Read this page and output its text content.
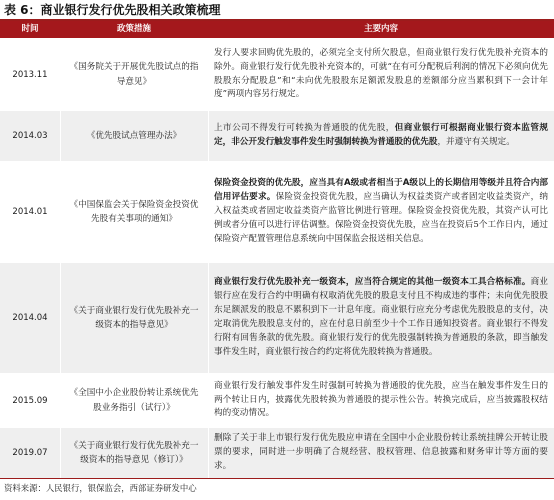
表 6：商业银行发行优先股相关政策梳理
时间	政策措施	主要内容
2013.11
《国务院关于开展优先股试点的指导意见》

发行人要求回购优先股的，必须完全支付所欠股息，但商业银行发行优先股补充资本的除外。商业银行发行优先股补充资本的，可就“在有可分配税后利润的情况下必须向优先股股东分配股息”和“未向优先股股东足额派发股息的差额部分应当累积到下一会计年度”两项内容另行规定。

2014.03	《优先股试点管理办法》

上市公司不得发行可转换为普通股的优先股，但商业银行可根据商业银行资本监管规定，非公开发行触发事件发生时强制转换为普通股的优先股，并遵守有关规定。

2014.01
《中国保监会关于保险资金投资优先股有关事项的通知》

保险资金投资的优先股，应当具有A级或者相当于A级以上的长期信用等级并且符合内部信用评估要求。保险资金投资优先股，应当确认为权益类资产或者固定收益类资产，纳入权益类或者固定收益类资产监管比例进行管理。保险资金投资优先股，其资产认可比例或者分值可以进行评估调整。保险资金投资优先股，应当在投资后5个工作日内，通过保险资产配置管理信息系统向中国保监会报送相关信息。

2014.04
《关于商业银行发行优先股补充一级资本的指导意见》

商业银行发行优先股补充一级资本，应当符合规定的其他一级资本工具合格标准。商业银行应在发行合约中明确有权取消优先股的股息支付且不构成违约事件；未向优先股股东足额派发的股息不累积到下一计息年度。商业银行应充分考虑优先股股息的支付，决定取消优先股股息支付的，应在付息日前至少十个工作日通知投资者。商业银行不得发行附有回售条款的优先股。商业银行发行的优先股强制转换为普通股的条款，即当触发事件发生时，商业银行按合约约定将优先股转换为普通股。

2015.09
《全国中小企业股份转让系统优先股业务指引（试行）》

商业银行发行触发事件发生时强制可转换为普通股的优先股，应当在触发事件发生日的两个转让日内，披露优先股转换为普通股的提示性公告。转换完成后，应当披露股权结构的变动情况。

2019.07
《关于商业银行发行优先股补充一级资本的指导意见（修订）》

删除了关于非上市银行发行优先股应申请在全国中小企业股份转让系统挂牌公开转让股票的要求，同时进一步明确了合规经营、股权管理、信息披露和财务审计等方面的要求。

资料来源：人民银行，银保监会，西部证券研发中心
